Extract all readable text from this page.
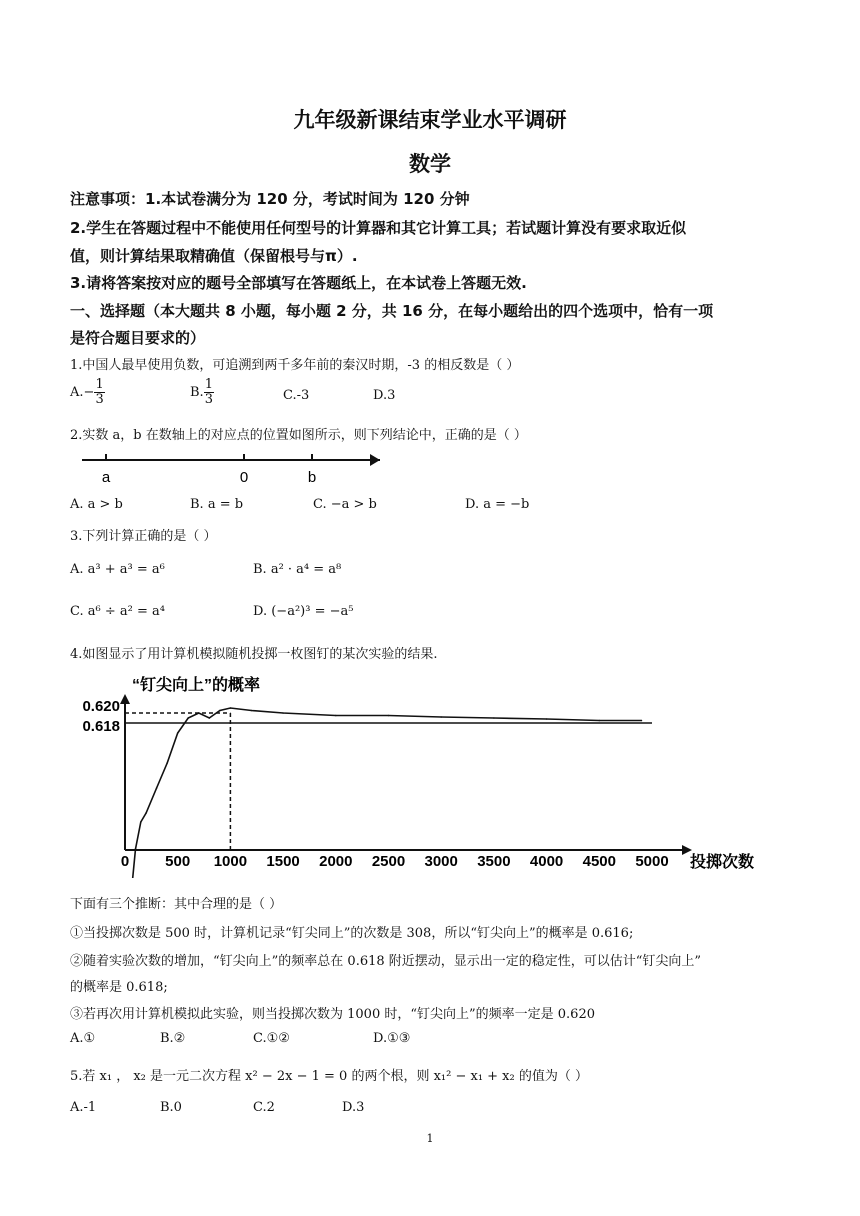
九年级新课结束学业水平调研
数学
注意事项：1.本试卷满分为 120 分，考试时间为 120 分钟
2.学生在答题过程中不能使用任何型号的计算器和其它计算工具；若试题计算没有要求取近似
值，则计算结果取精确值（保留根号与π）.
3.请将答案按对应的题号全部填写在答题纸上，在本试卷上答题无效.
一、选择题（本大题共 8 小题，每小题 2 分，共 16 分，在每小题给出的四个选项中，恰有一项
是符合题目要求的）
1.中国人最早使用负数，可追溯到两千多年前的秦汉时期，-3 的相反数是（ ）
$A.- \frac{1}{3}$	B. $\frac{1}{3}$	C.-3	D.3
2.实数 a，b 在数轴上的对应点的位置如图所示，则下列结论中，正确的是（ ）
a	0	b
A. a > b	B. a = b	C. −a > b	D. a = −b
3.下列计算正确的是（ ）
A. a³ + a³ = a⁶	B. a² · a⁴ = a⁸
C. a⁶ ÷ a² = a⁴	D. (−a²)³ = −a⁵
4.如图显示了用计算机模拟随机投掷一枚图钉的某次实验的结果.
“钉尖向上”的概率
0.618
0.620
0 500 1000 1500 2000 2500 3000 3500 4000 4500 5000 投掷次数
下面有三个推断：其中合理的是（ ）
①当投掷次数是 500 时，计算机记录“钉尖同上”的次数是 308，所以“钉尖向上”的概率是 0.616;
②随着实验次数的增加，“钉尖向上”的频率总在 0.618 附近摆动，显示出一定的稳定性，可以估计“钉尖向上”
的概率是 0.618;
③若再次用计算机模拟此实验，则当投掷次数为 1000 时，“钉尖向上”的频率一定是 0.620
A.①	B.②	C.①②	D.①③
5.若 x₁ ， x₂ 是一元二次方程 x² − 2x − 1 = 0 的两个根，则 x₁² − x₁ + x₂ 的值为（ ）
A.-1	B.0	C.2	D.3
1
